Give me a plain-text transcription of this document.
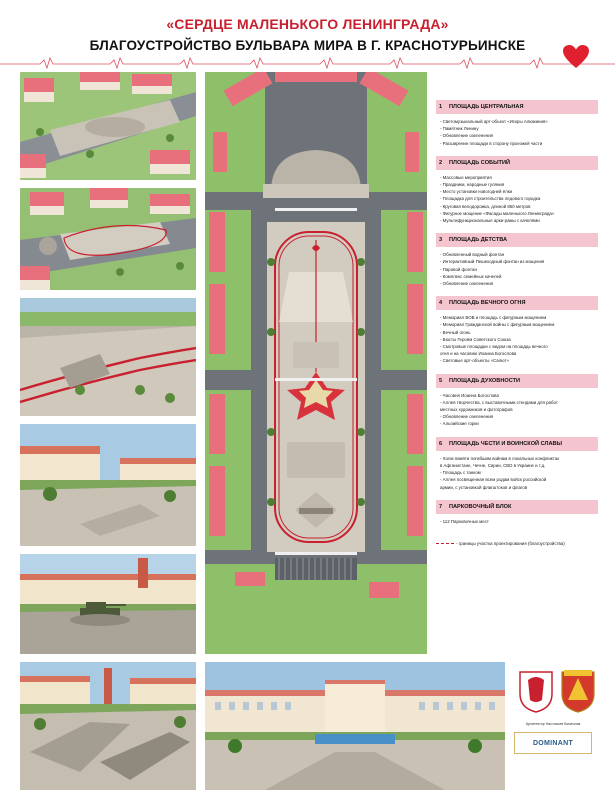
«СЕРДЦЕ МАЛЕНЬКОГО ЛЕНИНГРАДА»
БЛАГОУСТРОЙСТВО БУЛЬВАРА МИРА В Г. КРАСНОТУРЬИНСКЕ
1	ПЛОЩАДЬ ЦЕНТРАЛЬНАЯ
- Светомузыкальный арт-объект «Искры Алюминия»
- Памятник Ленину
- Обновление озеленения
- Расширение площади в сторону проезжей части
2	ПЛОЩАДЬ СОБЫТИЙ
- Массовые мероприятия
- Праздники, народные гуляния
- Место установки новогодней ёлки
- Площадка для строительства ледового городка
- Круговая велодорожка, длиной 850 метров
- Фигурное мощение «Фасады маленького Ленинграда»
- Мультифункциональные арки-рамы с качелями
3	ПЛОЩАДЬ ДЕТСТВА
- Обновленный водный фонтан
- Интерактивный Пешеходный фонтан из мощения
- Паровой фонтан
- Комплекс семейных качелей
- Обновление озеленения
4	ПЛОЩАДЬ ВЕЧНОГО ОГНЯ
- Мемориал ВОВ и площадь с фигурным мощением
- Мемориал Гражданской войны с фигурным мощением
- Вечный огонь
- Бюсты Героям Советского Союза
- Смотровые площадки с видом на площадь вечного
огня и на часовню Иоанна Богослова
- Световые арт-объекты «Салют»
5	ПЛОЩАДЬ ДУХОВНОСТИ
- Часовня Иоанна Богослова
- Аллея творчества, с выставочными стендами для работ
местных художников и фотографов
- Обновление озеленения
- Альпийские горки
6	ПЛОЩАДЬ ЧЕСТИ И ВОИНСКОЙ СЛАВЫ
- Холм памяти погибшим войнам в локальных конфликтах
в Афганистане, Чечне, Сирии, СВО в Украине и т.д.
- Площадь с танком
- Аллея посвященная всем родам войск российской
армии, с установкой флагштоков и флагов
7	ПАРКОВОЧНЫЙ БЛОК
- 112 Парковочных мест
- границы участка проектирования (благоустройства)
Архитектор Настасьев Вячеслав
DOMINANT
